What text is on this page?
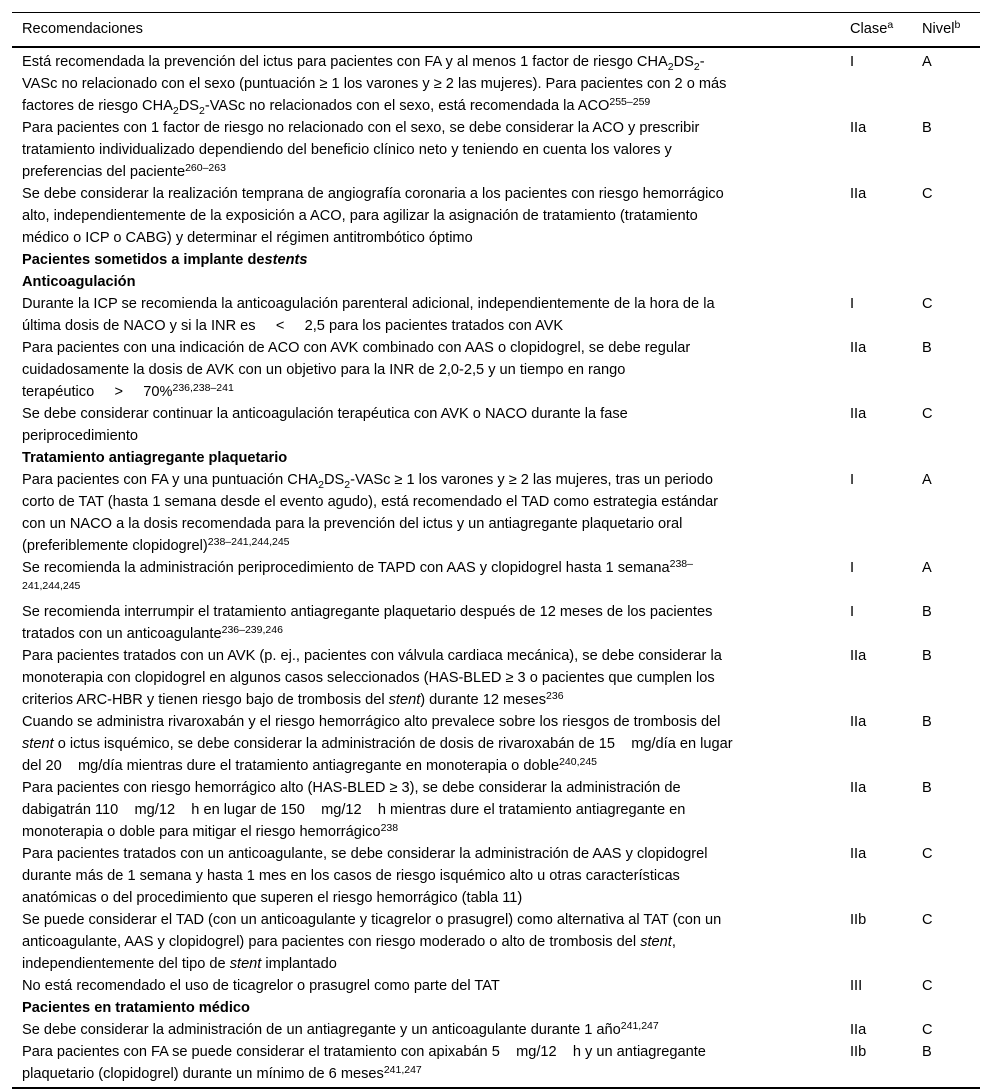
Recomendaciones	Clase$^a$	Nivel$^b$
Está recomendada la prevención del ictus para pacientes con FA y al menos 1 factor de riesgo $CHA_2DS_2-$
VASc no relacionado con el sexo (puntuación ≥ 1 los varones y ≥ 2 las mujeres). Para pacientes con 2 o más
factores de riesgo $CHA_2DS_2$-VASc no relacionados con el sexo, está recomendada la ACO$^{255-259}$
I	A
Para pacientes con 1 factor de riesgo no relacionado con el sexo, se debe considerar la ACO y prescribir
tratamiento individualizado dependiendo del beneficio clínico neto y teniendo en cuenta los valores y
preferencias del paciente$^{260-263}$
IIa	B
Se debe considerar la realización temprana de angiografía coronaria a los pacientes con riesgo hemorrágico
alto, independientemente de la exposición a ACO, para agilizar la asignación de tratamiento (tratamiento
médico o ICP o CABG) y determinar el régimen antitrombótico óptimo
IIa	C
Pacientes sometidos a implante destents
Anticoagulación
Durante la ICP se recomienda la anticoagulación parenteral adicional, independientemente de la hora de la
última dosis de NACO y si la INR es     <     2,5 para los pacientes tratados con AVK
I	C
Para pacientes con una indicación de ACO con AVK combinado con AAS o clopidogrel, se debe regular
cuidadosamente la dosis de AVK con un objetivo para la INR de 2,0-2,5 y un tiempo en rango
terapéutico     >     70%$^{236,238-241}$
IIa	B
Se debe considerar continuar la anticoagulación terapéutica con AVK o NACO durante la fase
periprocedimiento
IIa	C
Tratamiento antiagregante plaquetario
Para pacientes con FA y una puntuación $CHA_2DS_2$-VASc ≥ 1 los varones y ≥ 2 las mujeres, tras un periodo
corto de TAT (hasta 1 semana desde el evento agudo), está recomendado el TAD como estrategia estándar
con un NACO a la dosis recomendada para la prevención del ictus y un antiagregante plaquetario oral
(preferiblemente clopidogrel)$^{238-241,244,245}$
I	A
Se recomienda la administración periprocedimiento de TAPD con AAS y clopidogrel hasta 1 semana$^{238-}$
$^{241,244,245}$
I	A
Se recomienda interrumpir el tratamiento antiagregante plaquetario después de 12 meses de los pacientes
tratados con un anticoagulante$^{236-239,246}$
I	B
Para pacientes tratados con un AVK (p. ej., pacientes con válvula cardiaca mecánica), se debe considerar la
monoterapia con clopidogrel en algunos casos seleccionados (HAS-BLED ≥ 3 o pacientes que cumplen los
criterios ARC-HBR y tienen riesgo bajo de trombosis del stent) durante 12 meses$^{236}$
IIa	B
Cuando se administra rivaroxabán y el riesgo hemorrágico alto prevalece sobre los riesgos de trombosis del
stent o ictus isquémico, se debe considerar la administración de dosis de rivaroxabán de 15    mg/día en lugar
del 20    mg/día mientras dure el tratamiento antiagregante en monoterapia o doble$^{240,245}$
IIa	B
Para pacientes con riesgo hemorrágico alto (HAS-BLED ≥ 3), se debe considerar la administración de
dabigatrán 110    mg/12    h en lugar de 150    mg/12    h mientras dure el tratamiento antiagregante en
monoterapia o doble para mitigar el riesgo hemorrágico$^{238}$
IIa	B
Para pacientes tratados con un anticoagulante, se debe considerar la administración de AAS y clopidogrel
durante más de 1 semana y hasta 1 mes en los casos de riesgo isquémico alto u otras características
anatómicas o del procedimiento que superen el riesgo hemorrágico (tabla 11)
IIa	C
Se puede considerar el TAD (con un anticoagulante y ticagrelor o prasugrel) como alternativa al TAT (con un
anticoagulante, AAS y clopidogrel) para pacientes con riesgo moderado o alto de trombosis del stent,
independientemente del tipo de stent implantado
IIb	C
No está recomendado el uso de ticagrelor o prasugrel como parte del TAT	III	C
Pacientes en tratamiento médico
Se debe considerar la administración de un antiagregante y un anticoagulante durante 1 año$^{241,247}$	IIa	C
Para pacientes con FA se puede considerar el tratamiento con apixabán 5    mg/12    h y un antiagregante
plaquetario (clopidogrel) durante un mínimo de 6 meses$^{241,247}$
IIb	B
